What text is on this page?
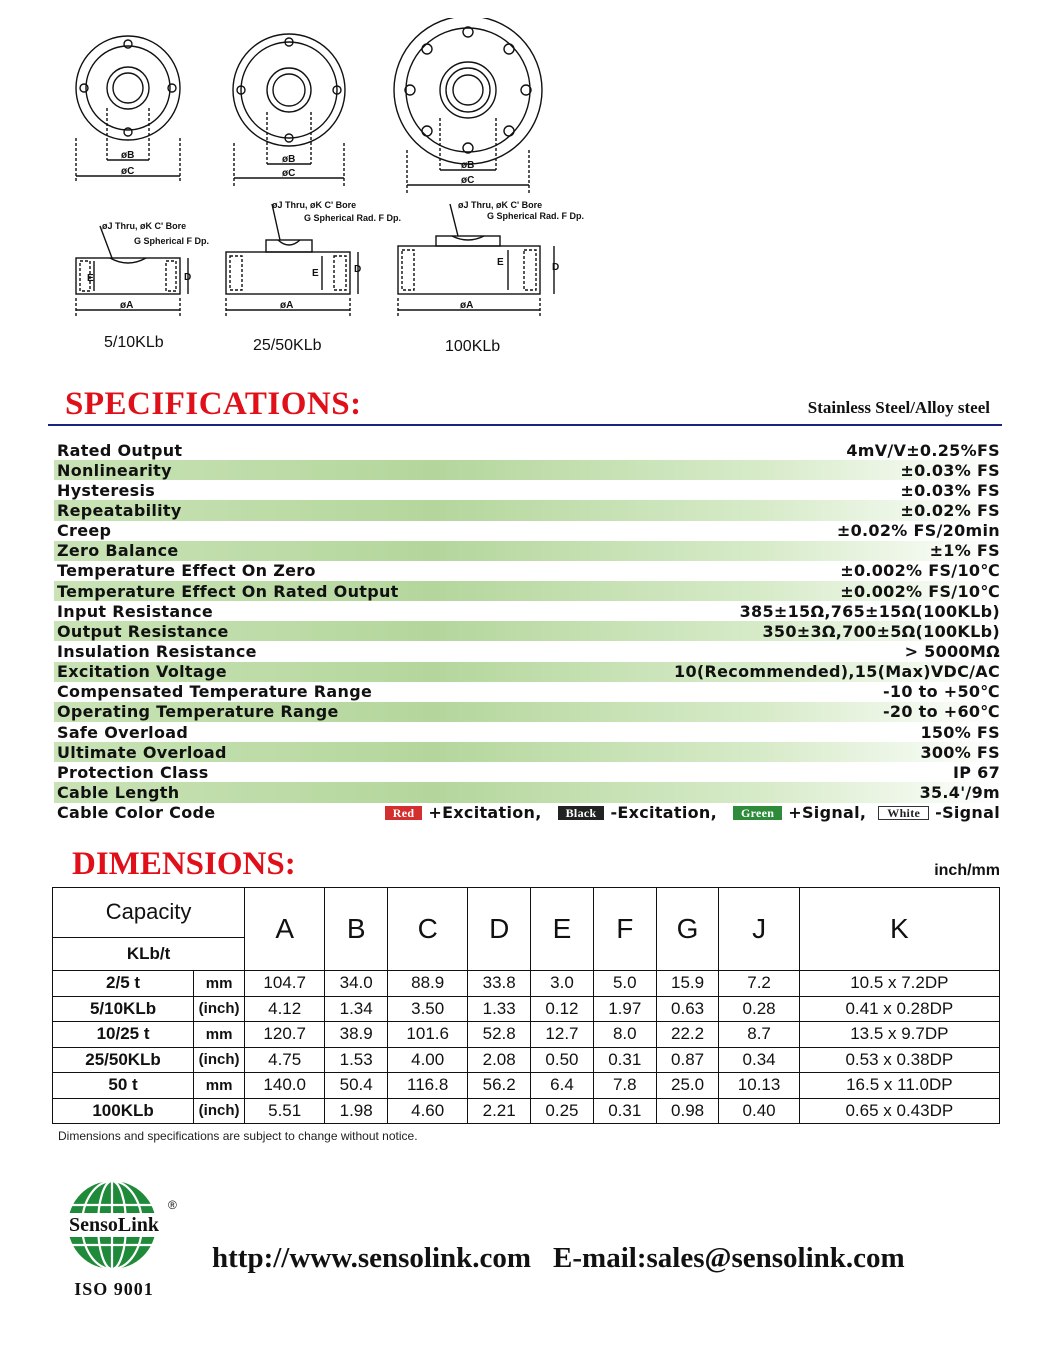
øB
øC
øB
øC
øB
øC
øA	øA	øA
E	D	E	D
E	D
øJ Thru, øK C' Bore
G Spherical F Dp.
øJ Thru, øK C' Bore
G Spherical Rad. F Dp.
øJ Thru, øK C' Bore
G Spherical Rad. F Dp.
5/10KLb	25/50KLb	100KLb
SPECIFICATIONS:	Stainless Steel/Alloy steel
Rated Output	4mV/V±0.25%FS
Nonlinearity	±0.03% FS
Hysteresis	±0.03% FS
Repeatability	±0.02% FS
Creep	±0.02% FS/20min
Zero Balance	±1% FS
Temperature Effect On Zero	±0.002% FS/10℃
Temperature Effect On Rated Output	±0.002% FS/10℃
Input Resistance	385±15Ω,765±15Ω(100KLb)
Output Resistance	350±3Ω,700±5Ω(100KLb)
Insulation Resistance	> 5000MΩ
Excitation Voltage	10(Recommended),15(Max)VDC/AC
Compensated Temperature Range	-10 to +50℃
Operating Temperature Range	-20 to +60℃
Safe Overload	150% FS
Ultimate Overload	300% FS
Protection Class	IP 67
Cable Length	35.4'/9m
Cable Color Code	Red +Excitation,	Black -Excitation,	Green +Signal,	White -Signal
DIMENSIONS:	inch/mm
Capacity		A	B	C	D	E	F	G	J	K
KLb/t										
2/5 t	mm	104.7	34.0	88.9	33.8	3.0	5.0	15.9	7.2	10.5 x 7.2DP
5/10KLb	(inch)	4.12	1.34	3.50	1.33	0.12	1.97	0.63	0.28	0.41 x 0.28DP
10/25 t	mm	120.7	38.9	101.6	52.8	12.7	8.0	22.2	8.7	13.5 x 9.7DP
25/50KLb	(inch)	4.75	1.53	4.00	2.08	0.50	0.31	0.87	0.34	0.53 x 0.38DP
50 t	mm	140.0	50.4	116.8	56.2	6.4	7.8	25.0	10.13	16.5 x 11.0DP
100KLb	(inch)	5.51	1.98	4.60	2.21	0.25	0.31	0.98	0.40	0.65 x 0.43DP
Dimensions and specifications are subject to change without notice.
SensoLink
®
ISO 9001
http://www.sensolink.com E-mail:sales@sensolink.com
